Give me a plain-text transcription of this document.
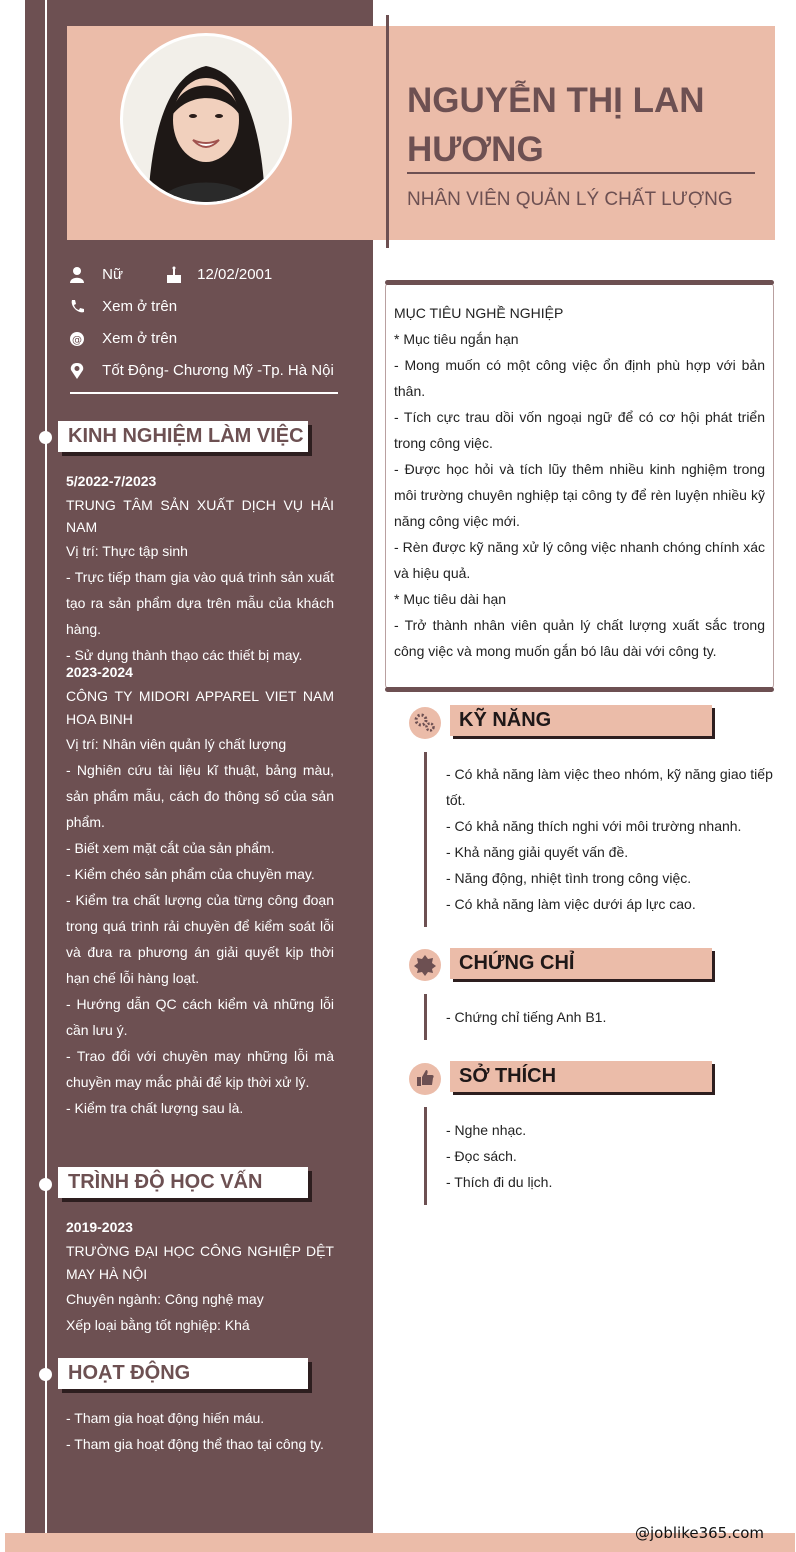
NGUYỄN THỊ LAN
HƯƠNG
NHÂN VIÊN QUẢN LÝ CHẤT LƯỢNG
Nữ	12/02/2001
Xem ở trên
@ Xem ở trên
Tốt Động- Chương Mỹ -Tp. Hà Nội
KINH NGHIỆM LÀM VIỆC

5/2022-7/2023

TRUNG TÂM SẢN XUẤT DỊCH VỤ HẢI NAM

Vị trí: Thực tập sinh

- Trực tiếp tham gia vào quá trình sản xuất tạo ra sản phẩm dựa trên mẫu của khách hàng.

- Sử dụng thành thạo các thiết bị may.

2023-2024

CÔNG TY MIDORI APPAREL VIET NAM HOA BINH

Vị trí: Nhân viên quản lý chất lượng

- Nghiên cứu tài liệu kĩ thuật, bảng màu, sản phẩm mẫu, cách đo thông số của sản phẩm.

- Biết xem mặt cắt của sản phẩm.

- Kiểm chéo sản phẩm của chuyền may.

- Kiểm tra chất lượng của từng công đoạn trong quá trình rải chuyền để kiểm soát lỗi và đưa ra phương án giải quyết kịp thời hạn chế lỗi hàng loạt.

- Hướng dẫn QC cách kiểm và những lỗi cần lưu ý.

- Trao đổi với chuyền may những lỗi mà chuyền may mắc phải để kịp thời xử lý.

- Kiểm tra chất lượng sau là.

TRÌNH ĐỘ HỌC VẤN

2019-2023

TRƯỜNG ĐẠI HỌC CÔNG NGHIỆP DỆT MAY HÀ NỘI

Chuyên ngành: Công nghệ may

Xếp loại bằng tốt nghiệp: Khá

HOẠT ĐỘNG

- Tham gia hoạt động hiến máu.

- Tham gia hoạt động thể thao tại công ty.

MỤC TIÊU NGHỀ NGHIỆP

* Mục tiêu ngắn hạn

- Mong muốn có một công việc ổn định phù hợp với bản thân.

- Tích cực trau dồi vốn ngoại ngữ để có cơ hội phát triển trong công việc.

- Được học hỏi và tích lũy thêm nhiều kinh nghiệm trong môi trường chuyên nghiệp tại công ty để rèn luyện nhiều kỹ năng công việc mới.

- Rèn được kỹ năng xử lý công việc nhanh chóng chính xác và hiệu quả.

* Mục tiêu dài hạn

- Trở thành nhân viên quản lý chất lượng xuất sắc trong công việc và mong muốn gắn bó lâu dài với công ty.

KỸ NĂNG

- Có khả năng làm việc theo nhóm, kỹ năng giao tiếp tốt.

- Có khả năng thích nghi với môi trường nhanh.

- Khả năng giải quyết vấn đề.

- Năng động, nhiệt tình trong công việc.

- Có khả năng làm việc dưới áp lực cao.

CHỨNG CHỈ

- Chứng chỉ tiếng Anh B1.

SỞ THÍCH

- Nghe nhạc.

- Đọc sách.

- Thích đi du lịch.

@joblike365.com
